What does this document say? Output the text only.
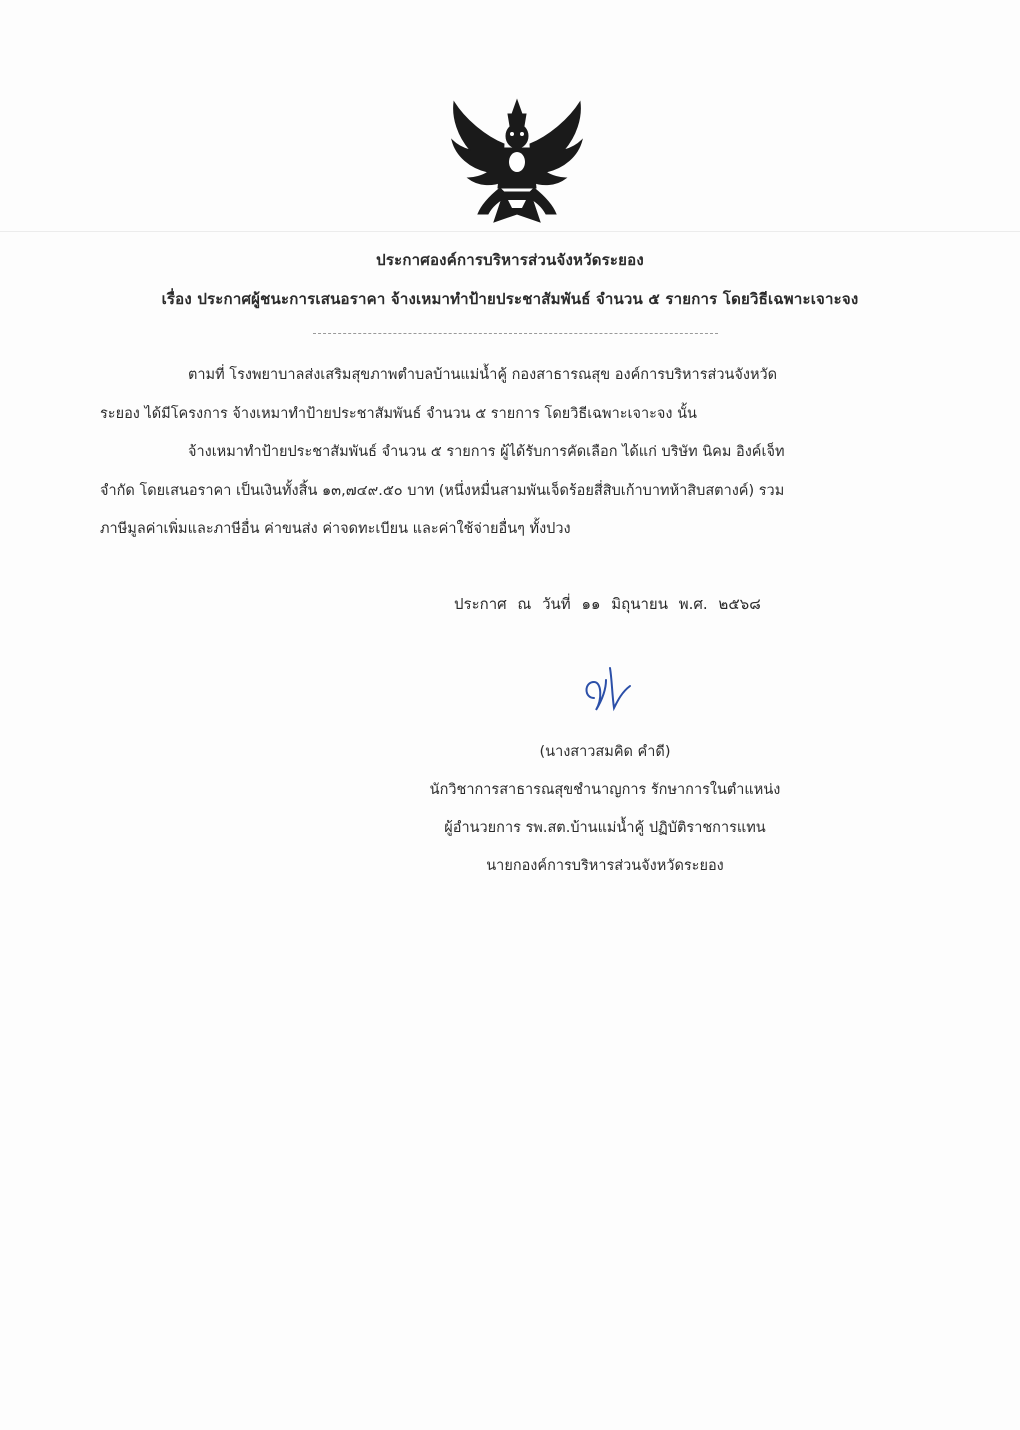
ประกาศองค์การบริหารส่วนจังหวัดระยอง
เรื่อง ประกาศผู้ชนะการเสนอราคา จ้างเหมาทำป้ายประชาสัมพันธ์ จำนวน ๕ รายการ โดยวิธีเฉพาะเจาะจง
ตามที่ โรงพยาบาลส่งเสริมสุขภาพตำบลบ้านแม่น้ำคู้ กองสาธารณสุข องค์การบริหารส่วนจังหวัด
ระยอง ได้มีโครงการ จ้างเหมาทำป้ายประชาสัมพันธ์ จำนวน ๕ รายการ โดยวิธีเฉพาะเจาะจง นั้น
จ้างเหมาทำป้ายประชาสัมพันธ์ จำนวน ๕ รายการ ผู้ได้รับการคัดเลือก ได้แก่ บริษัท นิคม อิงค์เจ็ท
จำกัด โดยเสนอราคา เป็นเงินทั้งสิ้น ๑๓,๗๔๙.๕๐ บาท (หนึ่งหมื่นสามพันเจ็ดร้อยสี่สิบเก้าบาทห้าสิบสตางค์) รวม
ภาษีมูลค่าเพิ่มและภาษีอื่น ค่าขนส่ง ค่าจดทะเบียน และค่าใช้จ่ายอื่นๆ ทั้งปวง
ประกาศ ณ วันที่ ๑๑ มิถุนายน พ.ศ. ๒๕๖๘
(นางสาวสมคิด คำดี)
นักวิชาการสาธารณสุขชำนาญการ รักษาการในตำแหน่ง
ผู้อำนวยการ รพ.สต.บ้านแม่น้ำคู้ ปฏิบัติราชการแทน
นายกองค์การบริหารส่วนจังหวัดระยอง
